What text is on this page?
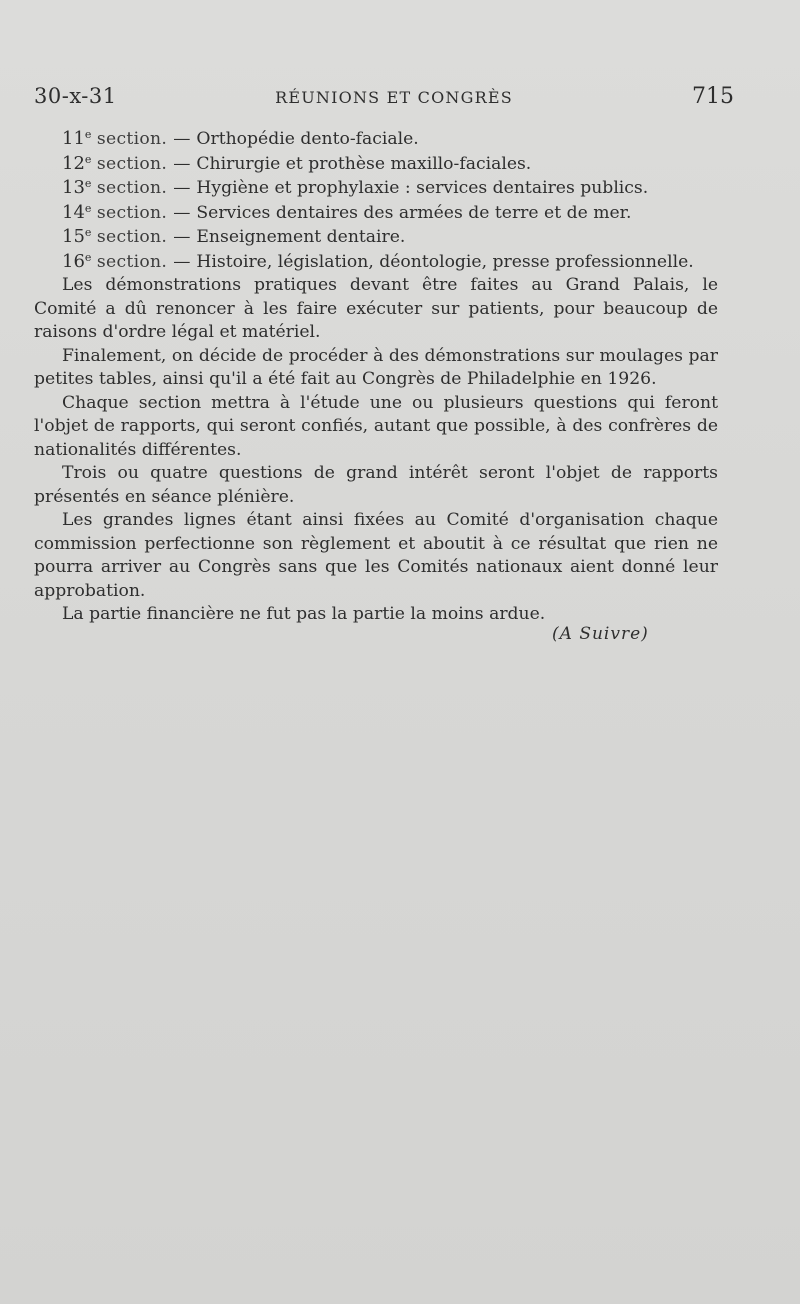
30-x-31	RÉUNIONS ET CONGRÈS	715
11e section. — Orthopédie dento-faciale.
12e section. — Chirurgie et prothèse maxillo-faciales.
13e section. — Hygiène et prophylaxie : services dentaires publics.
14e section. — Services dentaires des armées de terre et de mer.
15e section. — Enseignement dentaire.
16e section. — Histoire, législation, déontologie, presse professionnelle.

Les démonstrations pratiques devant être faites au Grand Palais, le Comité a dû renoncer à les faire exécuter sur patients, pour beaucoup de raisons d'ordre légal et matériel.

Finalement, on décide de procéder à des démonstrations sur moulages par petites tables, ainsi qu'il a été fait au Congrès de Philadelphie en 1926.

Chaque section mettra à l'étude une ou plusieurs questions qui feront l'objet de rapports, qui seront confiés, autant que possible, à des confrères de nationalités différentes.

Trois ou quatre questions de grand intérêt seront l'objet de rapports présentés en séance plénière.

Les grandes lignes étant ainsi fixées au Comité d'organisation chaque commission perfectionne son règlement et aboutit à ce résultat que rien ne pourra arriver au Congrès sans que les Comités nationaux aient donné leur approbation.

La partie financière ne fut pas la partie la moins ardue.

(A Suivre)
